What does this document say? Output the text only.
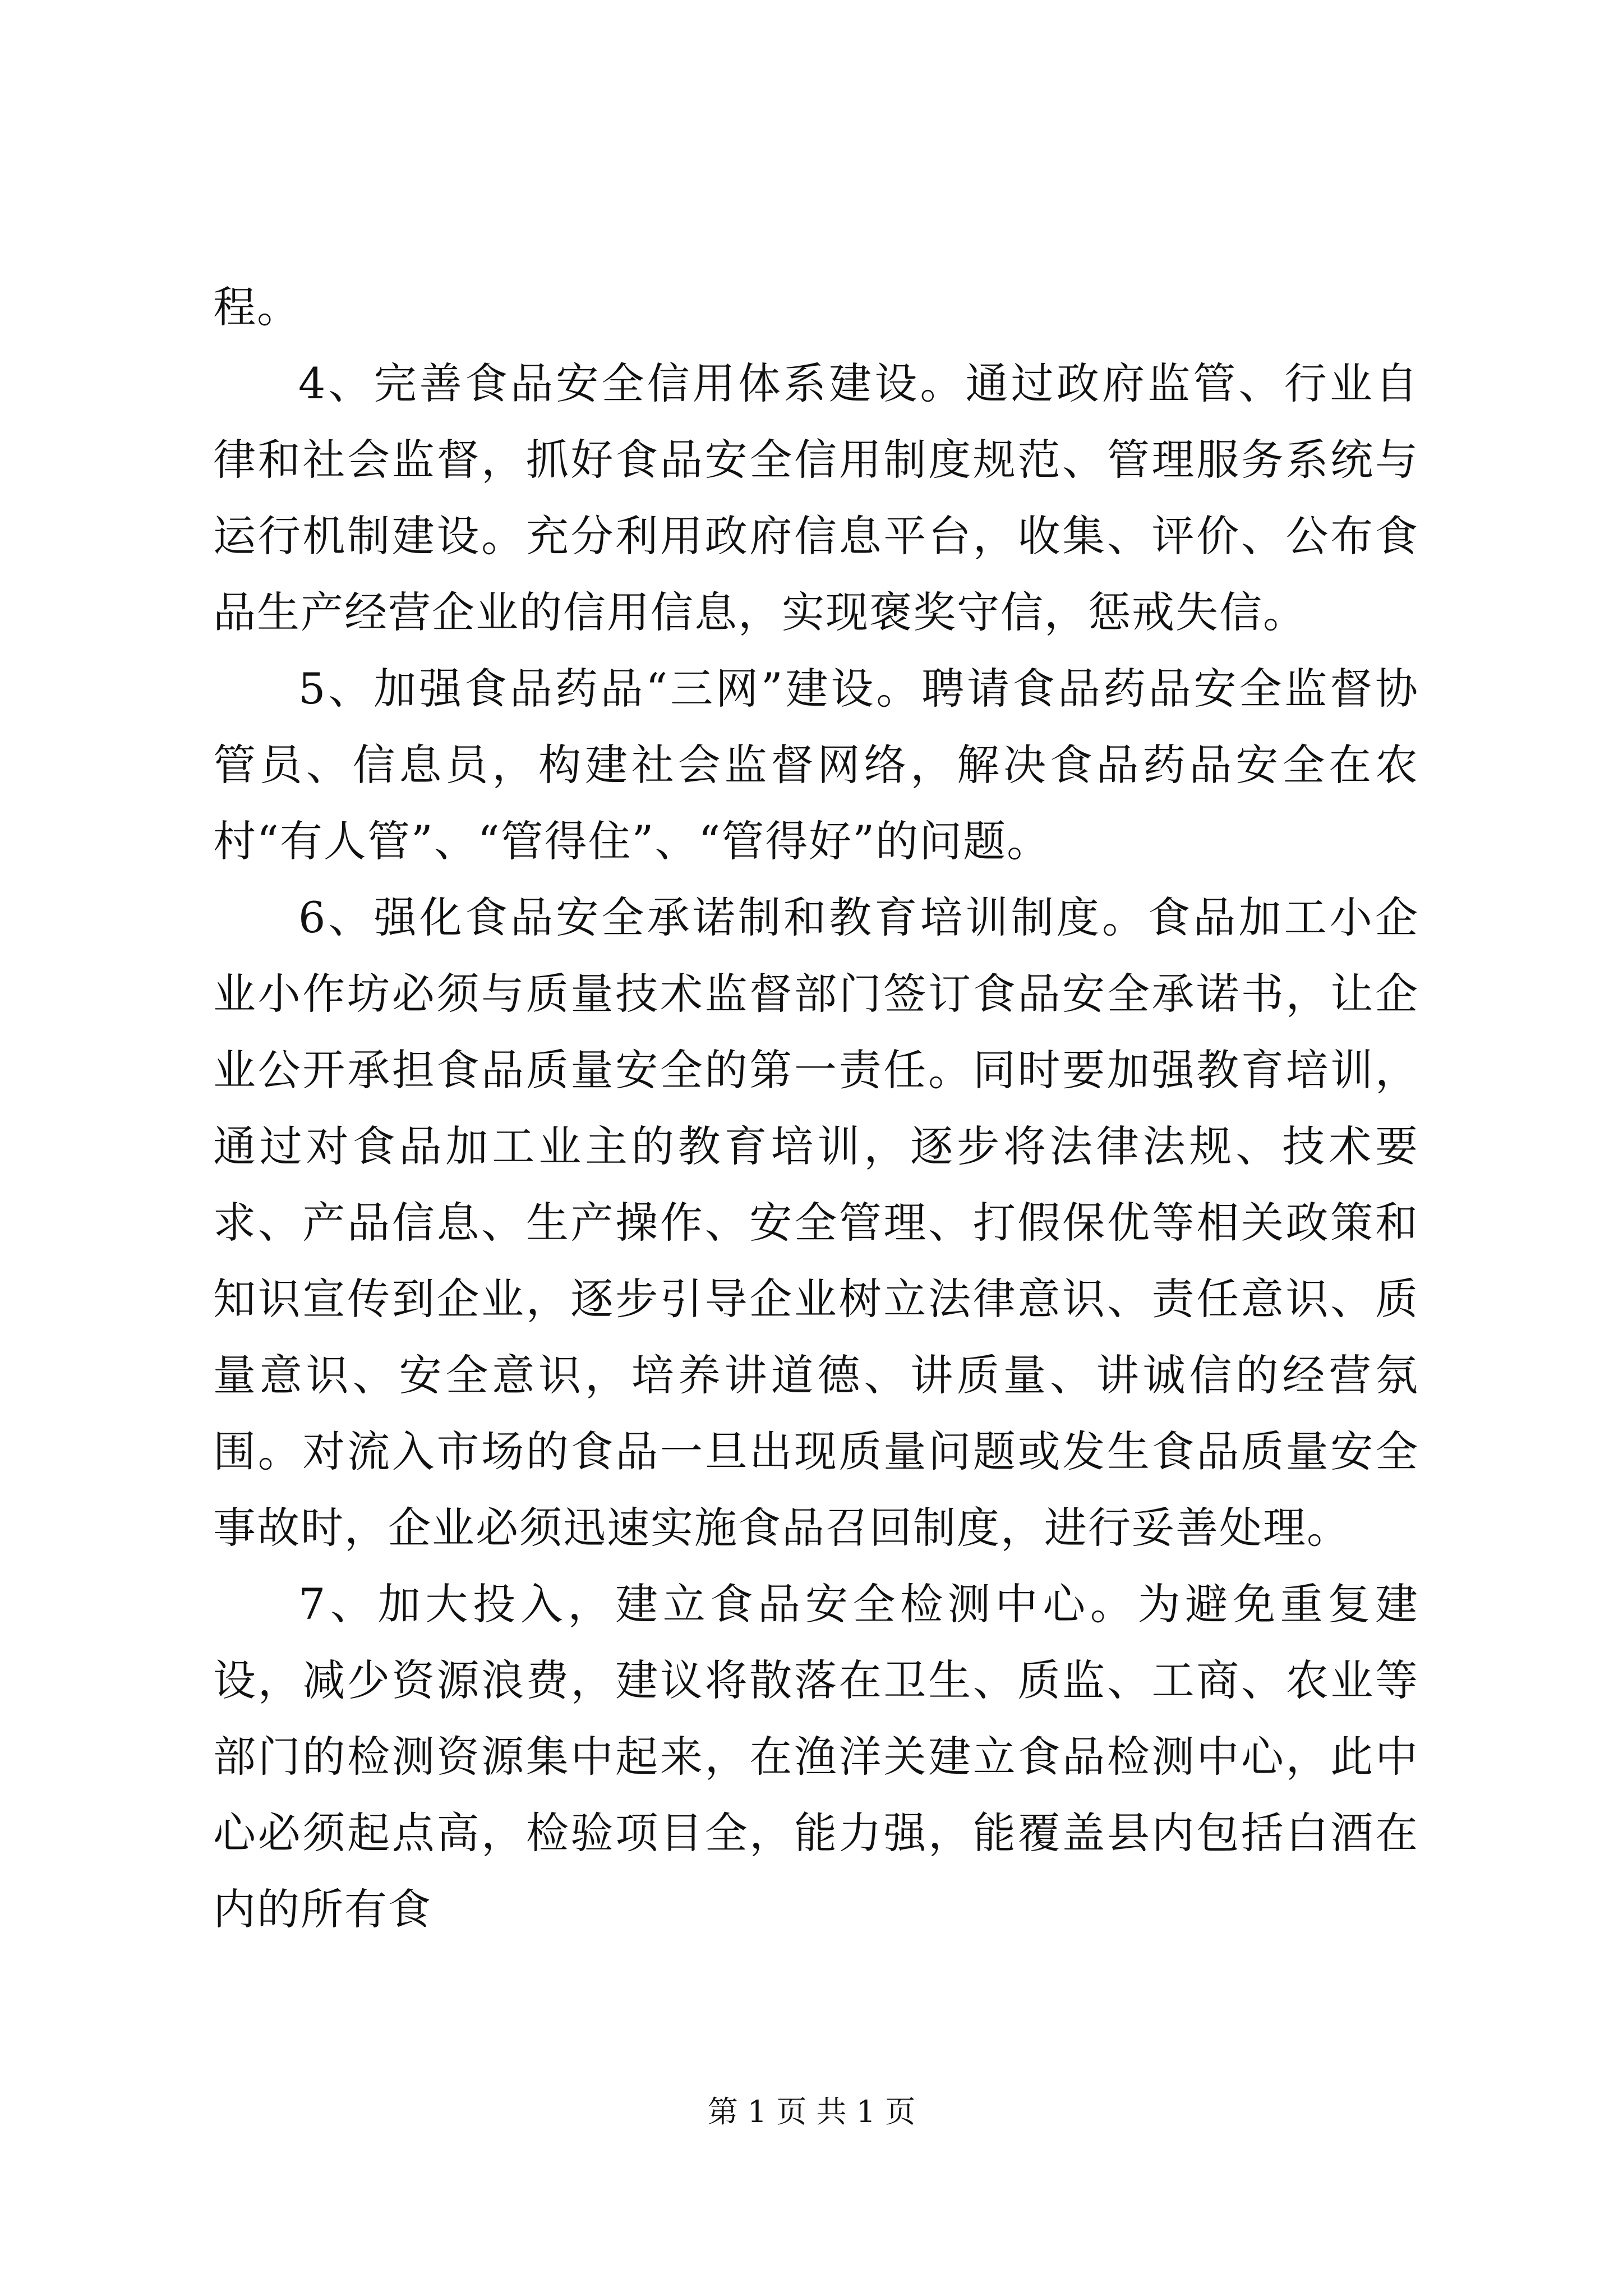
程。

4、完善食品安全信用体系建设。通过政府监管、行业自律和社会监督，抓好食品安全信用制度规范、管理服务系统与运行机制建设。充分利用政府信息平台，收集、评价、公布食品生产经营企业的信用信息，实现褒奖守信，惩戒失信。

5、加强食品药品“三网”建设。聘请食品药品安全监督协管员、信息员，构建社会监督网络，解决食品药品安全在农村“有人管”、“管得住”、“管得好”的问题。

6、强化食品安全承诺制和教育培训制度。食品加工小企业小作坊必须与质量技术监督部门签订食品安全承诺书，让企业公开承担食品质量安全的第一责任。同时要加强教育培训，通过对食品加工业主的教育培训，逐步将法律法规、技术要求、产品信息、生产操作、安全管理、打假保优等相关政策和知识宣传到企业，逐步引导企业树立法律意识、责任意识、质量意识、安全意识，培养讲道德、讲质量、讲诚信的经营氛围。对流入市场的食品一旦出现质量问题或发生食品质量安全事故时，企业必须迅速实施食品召回制度，进行妥善处理。

7、加大投入，建立食品安全检测中心。为避免重复建设，减少资源浪费，建议将散落在卫生、质监、工商、农业等部门的检测资源集中起来，在渔洋关建立食品检测中心，此中心必须起点高，检验项目全，能力强，能覆盖县内包括白酒在内的所有食

第 1 页 共 1 页
